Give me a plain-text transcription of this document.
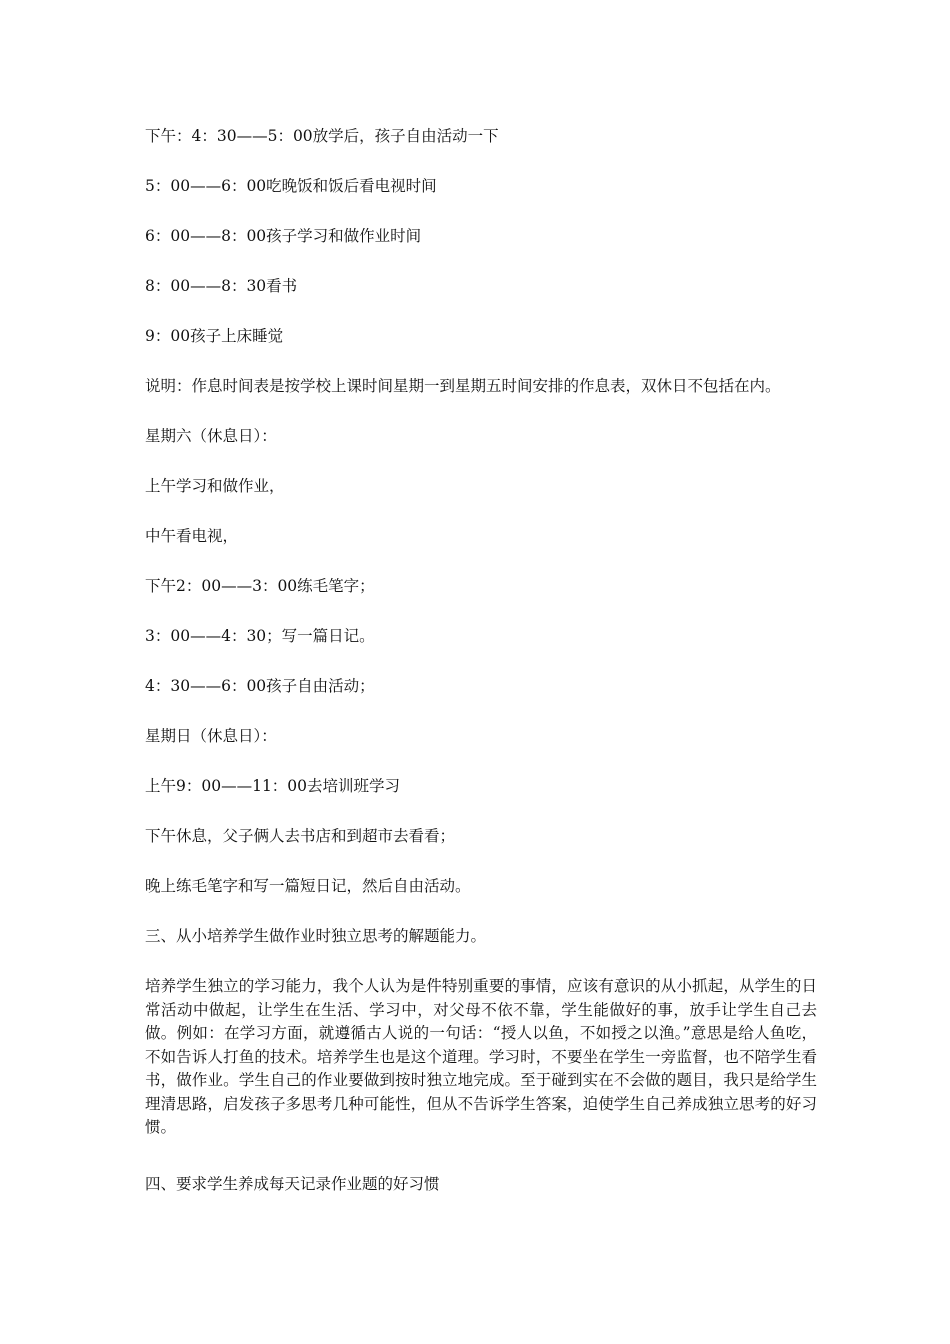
下午：4：30——5：00放学后，孩子自由活动一下
5：00——6：00吃晚饭和饭后看电视时间
6：00——8：00孩子学习和做作业时间
8：00——8：30看书
9：00孩子上床睡觉
说明：作息时间表是按学校上课时间星期一到星期五时间安排的作息表，双休日不包括在内。
星期六（休息日）：
上午学习和做作业，
中午看电视，
下午2：00——3：00练毛笔字；
3：00——4：30；写一篇日记。
4：30——6：00孩子自由活动；
星期日（休息日）：
上午9：00——11：00去培训班学习
下午休息，父子俩人去书店和到超市去看看；
晚上练毛笔字和写一篇短日记，然后自由活动。
三、从小培养学生做作业时独立思考的解题能力。
培养学生独立的学习能力，我个人认为是件特别重要的事情，应该有意识的从小抓起，从学生的日常活动中做起，让学生在生活、学习中，对父母不依不靠，学生能做好的事，放手让学生自己去做。例如：在学习方面，就遵循古人说的一句话：“授人以鱼，不如授之以渔。”意思是给人鱼吃，不如告诉人打鱼的技术。培养学生也是这个道理。学习时，不要坐在学生一旁监督，也不陪学生看书，做作业。学生自己的作业要做到按时独立地完成。至于碰到实在不会做的题目，我只是给学生理清思路，启发孩子多思考几种可能性，但从不告诉学生答案，迫使学生自己养成独立思考的好习惯。
四、要求学生养成每天记录作业题的好习惯
